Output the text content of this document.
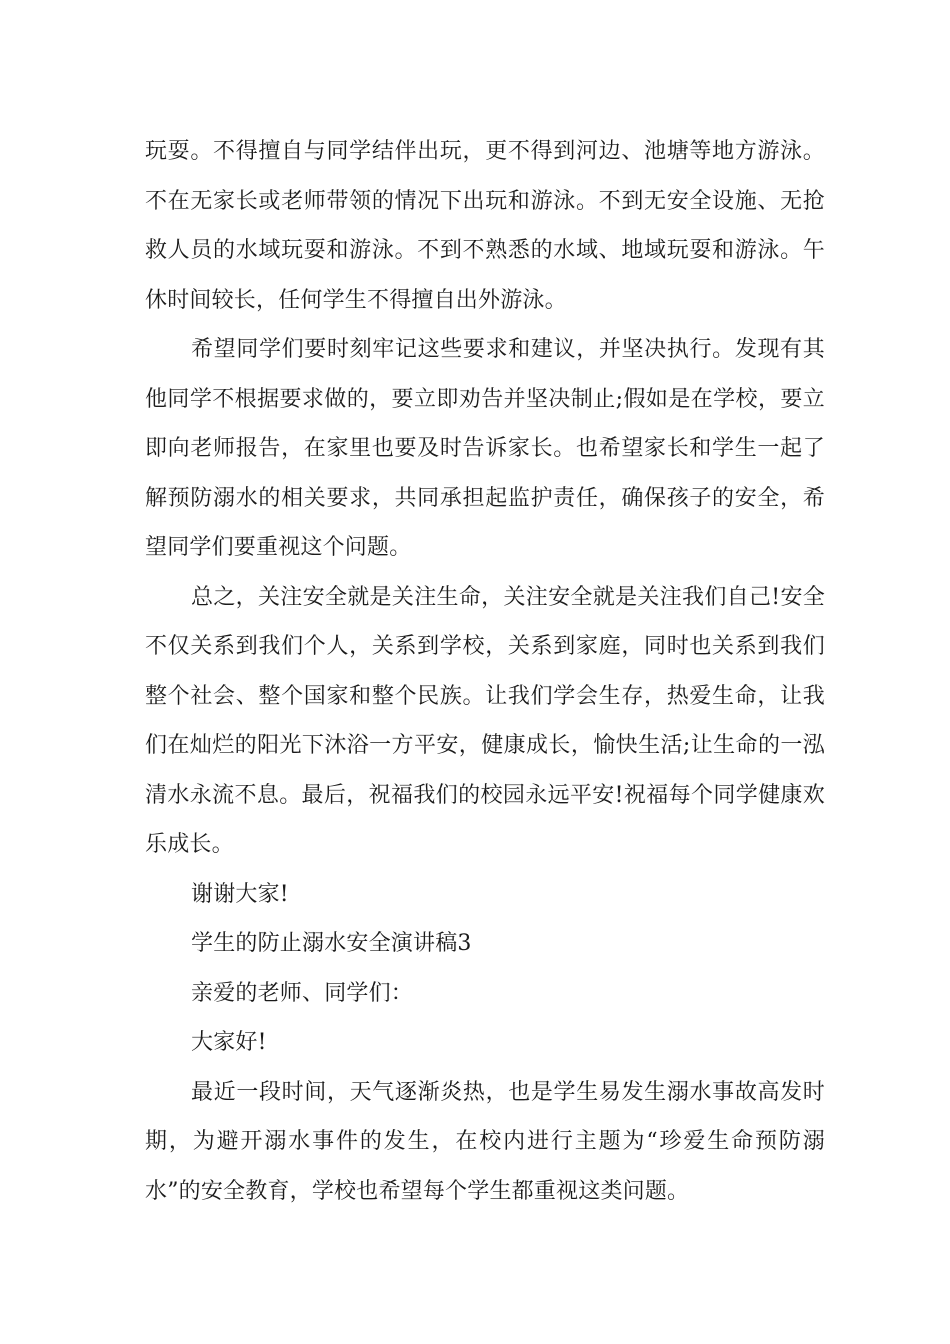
玩耍。不得擅自与同学结伴出玩，更不得到河边、池塘等地方游泳。不在无家长或老师带领的情况下出玩和游泳。不到无安全设施、无抢救人员的水域玩耍和游泳。不到不熟悉的水域、地域玩耍和游泳。午休时间较长，任何学生不得擅自出外游泳。

希望同学们要时刻牢记这些要求和建议，并坚决执行。发现有其他同学不根据要求做的，要立即劝告并坚决制止;假如是在学校，要立即向老师报告，在家里也要及时告诉家长。也希望家长和学生一起了解预防溺水的相关要求，共同承担起监护责任，确保孩子的安全，希望同学们要重视这个问题。

总之，关注安全就是关注生命，关注安全就是关注我们自己!安全不仅关系到我们个人，关系到学校，关系到家庭，同时也关系到我们整个社会、整个国家和整个民族。让我们学会生存，热爱生命，让我们在灿烂的阳光下沐浴一方平安，健康成长，愉快生活;让生命的一泓清水永流不息。最后，祝福我们的校园永远平安!祝福每个同学健康欢乐成长。

谢谢大家!

学生的防止溺水安全演讲稿3

亲爱的老师、同学们：

大家好!

最近一段时间，天气逐渐炎热，也是学生易发生溺水事故高发时期，为避开溺水事件的发生，在校内进行主题为“珍爱生命预防溺水”的安全教育，学校也希望每个学生都重视这类问题。
